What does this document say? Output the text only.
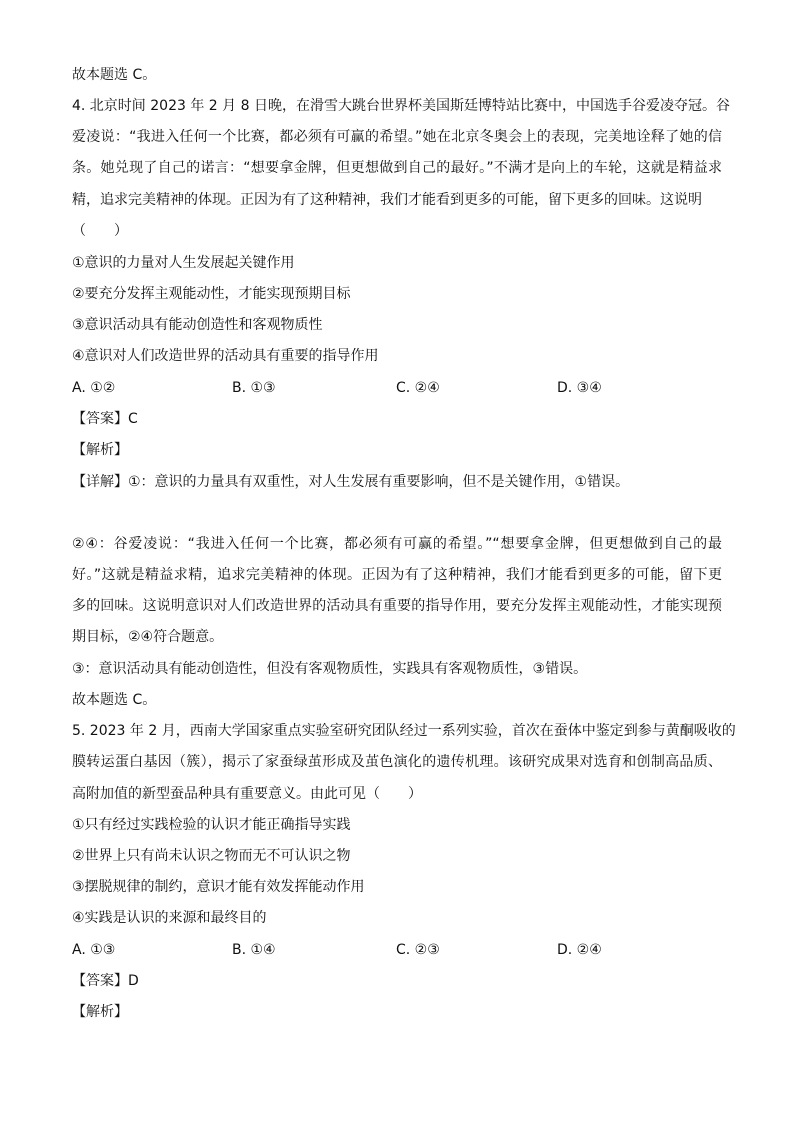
故本题选 C。
4. 北京时间 2023 年 2 月 8 日晚，在滑雪大跳台世界杯美国斯廷博特站比赛中，中国选手谷爱凌夺冠。谷
爱凌说：“我进入任何一个比赛，都必须有可赢的希望。”她在北京冬奥会上的表现，完美地诠释了她的信
条。她兑现了自己的诺言：“想要拿金牌，但更想做到自己的最好。”不满才是向上的车轮，这就是精益求
精，追求完美精神的体现。正因为有了这种精神，我们才能看到更多的可能，留下更多的回味。这说明
（　　）
①意识的力量对人生发展起关键作用
②要充分发挥主观能动性，才能实现预期目标
③意识活动具有能动创造性和客观物质性
④意识对人们改造世界的活动具有重要的指导作用
A. ①②	B. ①③	C. ②④	D. ③④
【答案】C
【解析】
【详解】①：意识的力量具有双重性，对人生发展有重要影响，但不是关键作用，①错误。
②④：谷爱凌说：“我进入任何一个比赛，都必须有可赢的希望。”“想要拿金牌，但更想做到自己的最
好。”这就是精益求精，追求完美精神的体现。正因为有了这种精神，我们才能看到更多的可能，留下更
多的回味。这说明意识对人们改造世界的活动具有重要的指导作用，要充分发挥主观能动性，才能实现预
期目标，②④符合题意。
③：意识活动具有能动创造性，但没有客观物质性，实践具有客观物质性，③错误。
故本题选 C。
5. 2023 年 2 月，西南大学国家重点实验室研究团队经过一系列实验，首次在蚕体中鉴定到参与黄酮吸收的
膜转运蛋白基因（簇），揭示了家蚕绿茧形成及茧色演化的遗传机理。该研究成果对选育和创制高品质、
高附加值的新型蚕品种具有重要意义。由此可见（　　）
①只有经过实践检验的认识才能正确指导实践
②世界上只有尚未认识之物而无不可认识之物
③摆脱规律的制约，意识才能有效发挥能动作用
④实践是认识的来源和最终目的
A. ①③	B. ①④	C. ②③	D. ②④
【答案】D
【解析】
